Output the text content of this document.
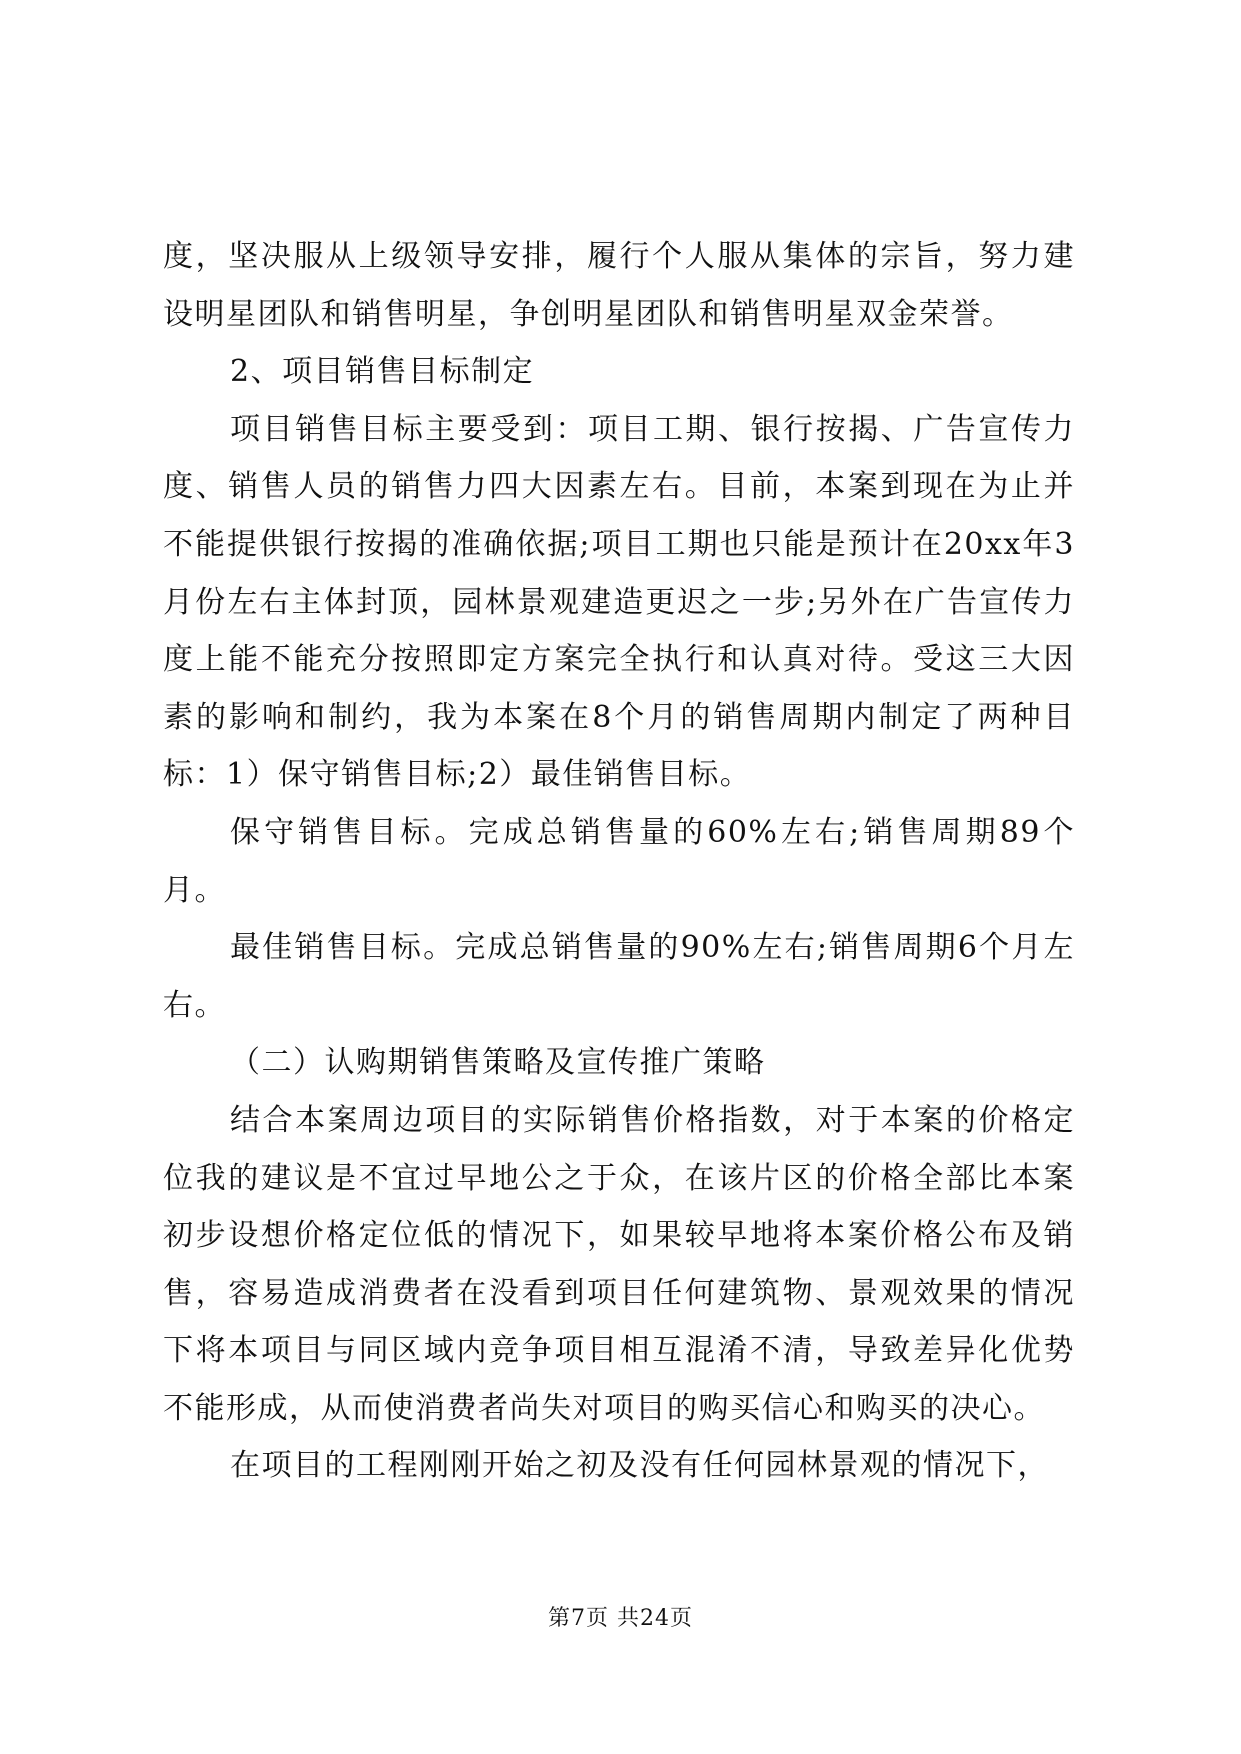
度，坚决服从上级领导安排，履行个人服从集体的宗旨，努力建设明星团队和销售明星，争创明星团队和销售明星双金荣誉。

2、项目销售目标制定

项目销售目标主要受到：项目工期、银行按揭、广告宣传力度、销售人员的销售力四大因素左右。目前，本案到现在为止并不能提供银行按揭的准确依据;项目工期也只能是预计在20xx年3月份左右主体封顶，园林景观建造更迟之一步;另外在广告宣传力度上能不能充分按照即定方案完全执行和认真对待。受这三大因素的影响和制约，我为本案在8个月的销售周期内制定了两种目标：1）保守销售目标;2）最佳销售目标。

保守销售目标。完成总销售量的60%左右;销售周期89个月。

最佳销售目标。完成总销售量的90%左右;销售周期6个月左右。

（二）认购期销售策略及宣传推广策略

结合本案周边项目的实际销售价格指数，对于本案的价格定位我的建议是不宜过早地公之于众，在该片区的价格全部比本案初步设想价格定位低的情况下，如果较早地将本案价格公布及销售，容易造成消费者在没看到项目任何建筑物、景观效果的情况下将本项目与同区域内竞争项目相互混淆不清，导致差异化优势不能形成，从而使消费者尚失对项目的购买信心和购买的决心。

在项目的工程刚刚开始之初及没有任何园林景观的情况下，

第7页 共24页
